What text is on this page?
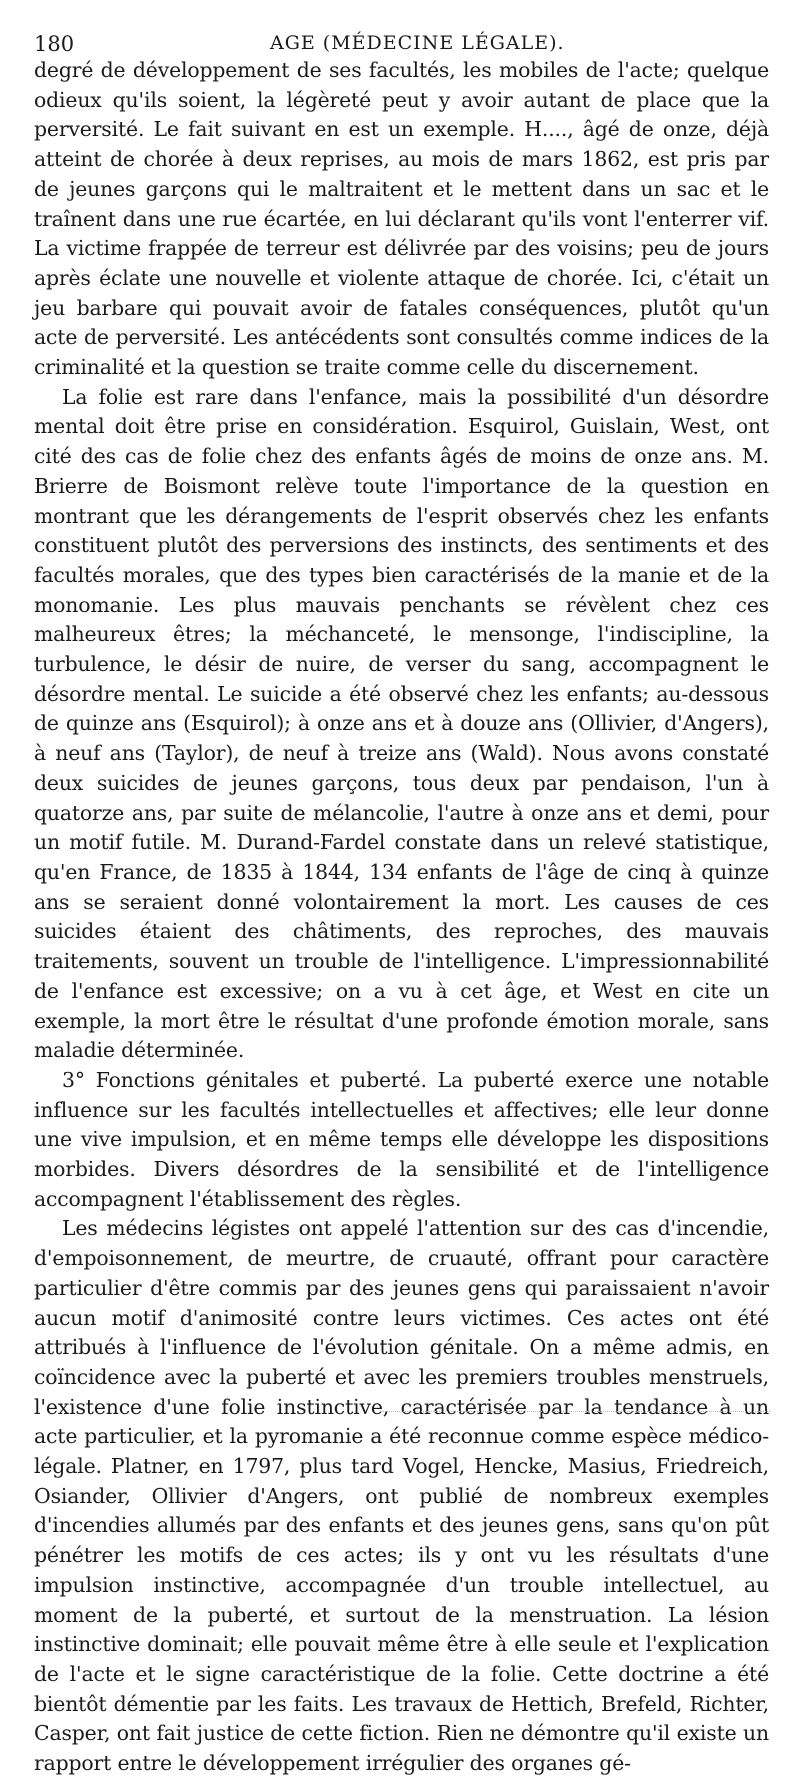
180	AGE (MÉDECINE LÉGALE).

degré de développement de ses facultés, les mobiles de l'acte; quelque odieux qu'ils soient, la légèreté peut y avoir autant de place que la perversité. Le fait suivant en est un exemple. H...., âgé de onze, déjà atteint de chorée à deux reprises, au mois de mars 1862, est pris par de jeunes garçons qui le maltraitent et le mettent dans un sac et le traînent dans une rue écartée, en lui déclarant qu'ils vont l'enterrer vif. La victime frappée de terreur est délivrée par des voisins; peu de jours après éclate une nouvelle et violente attaque de chorée. Ici, c'était un jeu barbare qui pouvait avoir de fatales conséquences, plutôt qu'un acte de perversité. Les antécédents sont consultés comme indices de la criminalité et la question se traite comme celle du discernement.

La folie est rare dans l'enfance, mais la possibilité d'un désordre mental doit être prise en considération. Esquirol, Guislain, West, ont cité des cas de folie chez des enfants âgés de moins de onze ans. M. Brierre de Boismont relève toute l'importance de la question en montrant que les dérangements de l'esprit observés chez les enfants constituent plutôt des perversions des instincts, des sentiments et des facultés morales, que des types bien caractérisés de la manie et de la monomanie. Les plus mauvais penchants se révèlent chez ces malheureux êtres; la méchanceté, le mensonge, l'indiscipline, la turbulence, le désir de nuire, de verser du sang, accompagnent le désordre mental. Le suicide a été observé chez les enfants; au-dessous de quinze ans (Esquirol); à onze ans et à douze ans (Ollivier, d'Angers), à neuf ans (Taylor), de neuf à treize ans (Wald). Nous avons constaté deux suicides de jeunes garçons, tous deux par pendaison, l'un à quatorze ans, par suite de mélancolie, l'autre à onze ans et demi, pour un motif futile. M. Durand-Fardel constate dans un relevé statistique, qu'en France, de 1835 à 1844, 134 enfants de l'âge de cinq à quinze ans se seraient donné volontairement la mort. Les causes de ces suicides étaient des châtiments, des reproches, des mauvais traitements, souvent un trouble de l'intelligence. L'impressionnabilité de l'enfance est excessive; on a vu à cet âge, et West en cite un exemple, la mort être le résultat d'une profonde émotion morale, sans maladie déterminée.

3° Fonctions génitales et puberté. La puberté exerce une notable influence sur les facultés intellectuelles et affectives; elle leur donne une vive impulsion, et en même temps elle développe les dispositions morbides. Divers désordres de la sensibilité et de l'intelligence accompagnent l'établissement des règles.

Les médecins légistes ont appelé l'attention sur des cas d'incendie, d'empoisonnement, de meurtre, de cruauté, offrant pour caractère particulier d'être commis par des jeunes gens qui paraissaient n'avoir aucun motif d'animosité contre leurs victimes. Ces actes ont été attribués à l'influence de l'évolution génitale. On a même admis, en coïncidence avec la puberté et avec les premiers troubles menstruels, l'existence d'une folie instinctive, caractérisée par la tendance à un acte particulier, et la pyromanie a été reconnue comme espèce médico-légale. Platner, en 1797, plus tard Vogel, Hencke, Masius, Friedreich, Osiander, Ollivier d'Angers, ont publié de nombreux exemples d'incendies allumés par des enfants et des jeunes gens, sans qu'on pût pénétrer les motifs de ces actes; ils y ont vu les résultats d'une impulsion instinctive, accompagnée d'un trouble intellectuel, au moment de la puberté, et surtout de la menstruation. La lésion instinctive dominait; elle pouvait même être à elle seule et l'explication de l'acte et le signe caractéristique de la folie. Cette doctrine a été bientôt démentie par les faits. Les travaux de Hettich, Brefeld, Richter, Casper, ont fait justice de cette fiction. Rien ne démontre qu'il existe un rapport entre le développement irrégulier des organes gé-
